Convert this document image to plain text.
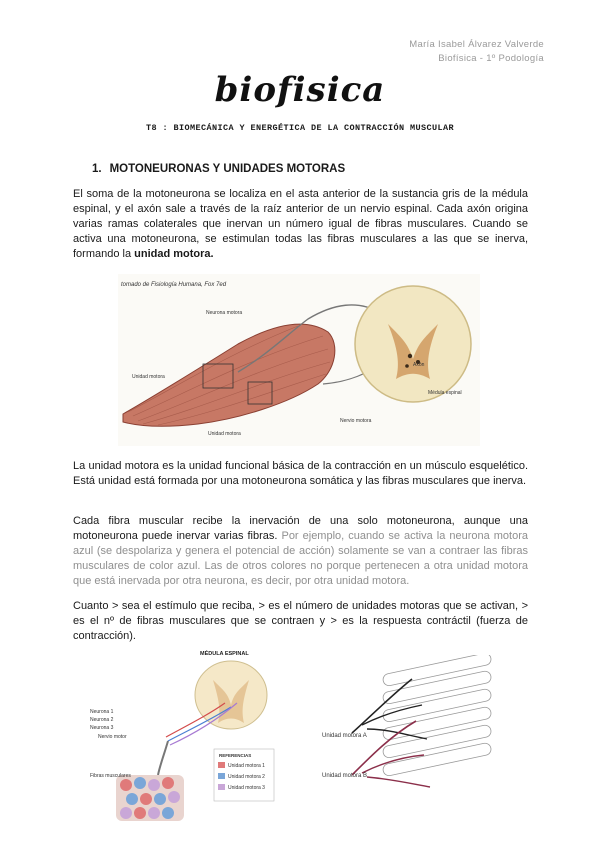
María Isabel Álvarez Valverde
Biofísica - 1º Podología
biofisica
T8 : BIOMECÁNICA Y ENERGÉTICA DE LA CONTRACCIÓN MUSCULAR
1. MOTONEURONAS Y UNIDADES MOTORAS
El soma de la motoneurona se localiza en el asta anterior de la sustancia gris de la médula espinal, y el axón sale a través de la raíz anterior de un nervio espinal. Cada axón origina varias ramas colaterales que inervan un número igual de fibras musculares. Cuando se activa una motoneurona, se estimulan todas las fibras musculares a las que se inerva, formando la unidad motora.
tomado de Fisiología Humana, Fox 7ed
Neurona motora
Unidad motora
Unidad motora
Nervio motora
Médula espinal
Axón
La unidad motora es la unidad funcional básica de la contracción en un músculo esquelético. Está unidad está formada por una motoneurona somática y las fibras musculares que inerva.
Cada fibra muscular recibe la inervación de una solo motoneurona, aunque una motoneurona puede inervar varias fibras. Por ejemplo, cuando se activa la neurona motora azul (se despolariza y genera el potencial de acción) solamente se van a contraer las fibras musculares de color azul. Las de otros colores no porque pertenecen a otra unidad motora que está inervada por otra neurona, es decir, por otra unidad motora.
Cuanto > sea el estímulo que reciba, > es el número de unidades motoras que se activan, > es el nº de fibras musculares que se contraen y > es la respuesta contráctil (fuerza de contracción).
MÉDULA ESPINAL
Neurona 1
Neurona 2
Neurona 3
Nervio motor
Fibras musculares
REFERENCIAS
Unidad motora 1
Unidad motora 2
Unidad motora 3
Unidad motora A
Unidad motora B
